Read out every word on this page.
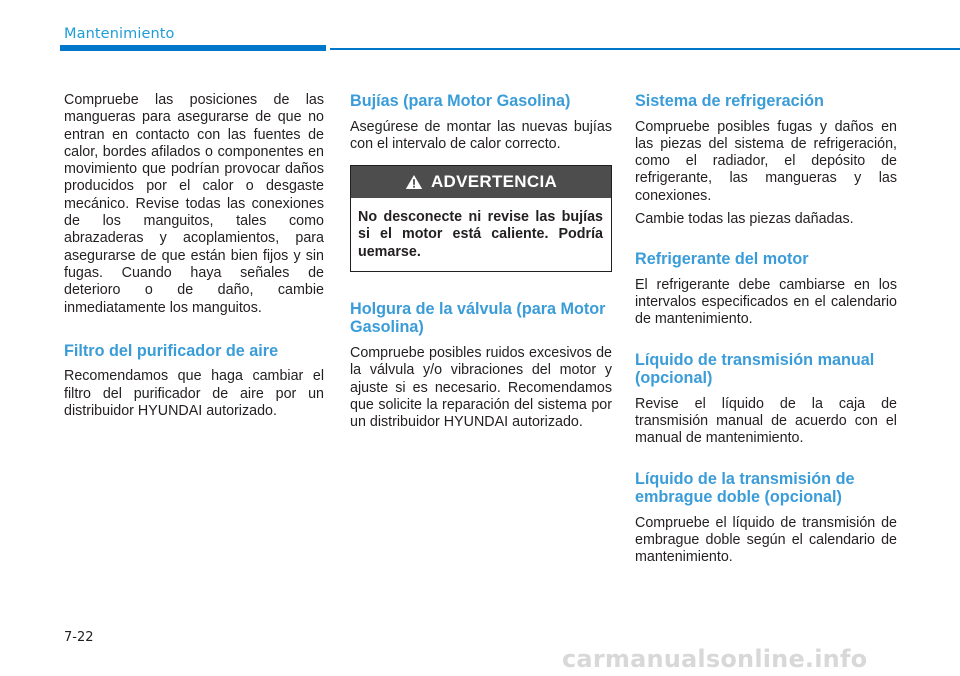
Mantenimiento

Compruebe las posiciones de las mangueras para asegurarse de que no entran en contacto con las fuentes de calor, bordes afilados o componentes en movimiento que podrían provocar daños producidos por el calor o desgaste mecánico. Revise todas las conexiones de los manguitos, tales como abrazaderas y acoplamientos, para asegurarse de que están bien fijos y sin fugas. Cuando haya señales de deterioro o de daño, cambie inmediatamente los manguitos.

Filtro del purificador de aire

Recomendamos que haga cambiar el filtro del purificador de aire por un distribuidor HYUNDAI autorizado.

Bujías (para Motor Gasolina)

Asegúrese de montar las nuevas bujías con el intervalo de calor correcto.

ADVERTENCIA

No desconecte ni revise las bujías si el motor está caliente. Podría uemarse.

Holgura de la válvula (para Motor Gasolina)

Compruebe posibles ruidos excesivos de la válvula y/o vibraciones del motor y ajuste si es necesario. Recomendamos que solicite la reparación del sistema por un distribuidor HYUNDAI autorizado.

Sistema de refrigeración

Compruebe posibles fugas y daños en las piezas del sistema de refrigeración, como el radiador, el depósito de refrigerante, las mangueras y las conexiones.

Cambie todas las piezas dañadas.

Refrigerante del motor

El refrigerante debe cambiarse en los intervalos especificados en el calendario de mantenimiento.

Líquido de transmisión manual (opcional)

Revise el líquido de la caja de transmisión manual de acuerdo con el manual de mantenimiento.

Líquido de la transmisión de embrague doble (opcional)

Compruebe el líquido de transmisión de embrague doble según el calendario de mantenimiento.

7-22
carmanualsonline.info
